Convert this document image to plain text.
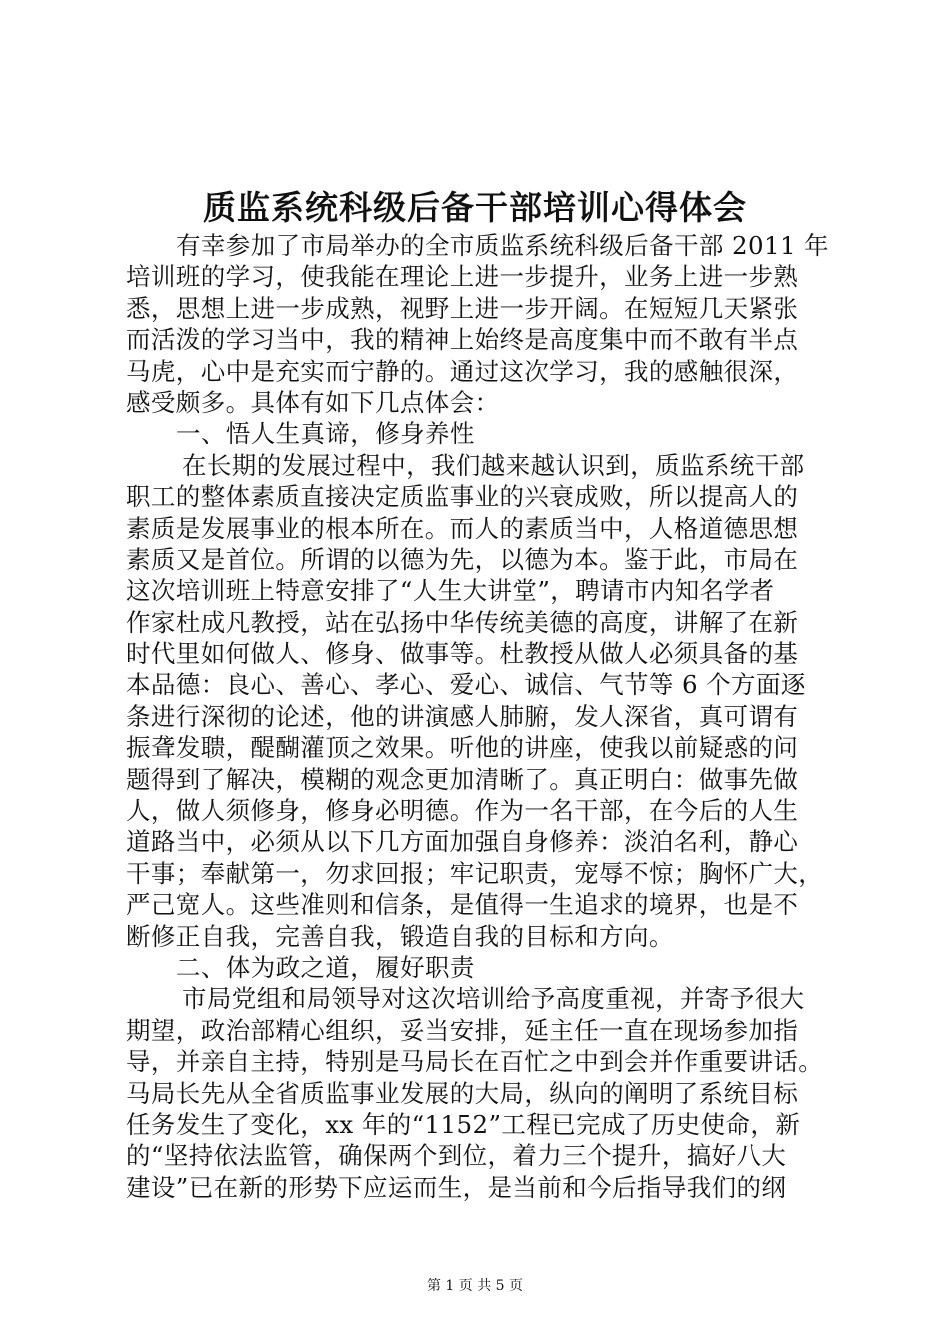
质监系统科级后备干部培训心得体会
有幸参加了市局举办的全市质监系统科级后备干部 2011 年
培训班的学习，使我能在理论上进一步提升，业务上进一步熟
悉，思想上进一步成熟，视野上进一步开阔。在短短几天紧张
而活泼的学习当中，我的精神上始终是高度集中而不敢有半点
马虎，心中是充实而宁静的。通过这次学习，我的感触很深，
感受颇多。具体有如下几点体会：
一、悟人生真谛，修身养性
在长期的发展过程中，我们越来越认识到，质监系统干部
职工的整体素质直接决定质监事业的兴衰成败，所以提高人的
素质是发展事业的根本所在。而人的素质当中，人格道德思想
素质又是首位。所谓的以德为先，以德为本。鉴于此，市局在
这次培训班上特意安排了“人生大讲堂”，聘请市内知名学者
作家杜成凡教授，站在弘扬中华传统美德的高度，讲解了在新
时代里如何做人、修身、做事等。杜教授从做人必须具备的基
本品德：良心、善心、孝心、爱心、诚信、气节等 6 个方面逐
条进行深彻的论述，他的讲演感人肺腑，发人深省，真可谓有
振聋发聩，醍醐灌顶之效果。听他的讲座，使我以前疑惑的问
题得到了解决，模糊的观念更加清晰了。真正明白：做事先做
人，做人须修身，修身必明德。作为一名干部，在今后的人生
道路当中，必须从以下几方面加强自身修养：淡泊名利，静心
干事；奉献第一，勿求回报；牢记职责，宠辱不惊；胸怀广大，
严己宽人。这些准则和信条，是值得一生追求的境界，也是不
断修正自我，完善自我，锻造自我的目标和方向。
二、体为政之道，履好职责
市局党组和局领导对这次培训给予高度重视，并寄予很大
期望，政治部精心组织，妥当安排，延主任一直在现场参加指
导，并亲自主持，特别是马局长在百忙之中到会并作重要讲话。
马局长先从全省质监事业发展的大局，纵向的阐明了系统目标
任务发生了变化，xx 年的“1152”工程已完成了历史使命，新
的“坚持依法监管，确保两个到位，着力三个提升，搞好八大
建设”已在新的形势下应运而生，是当前和今后指导我们的纲
第 1 页 共 5 页
